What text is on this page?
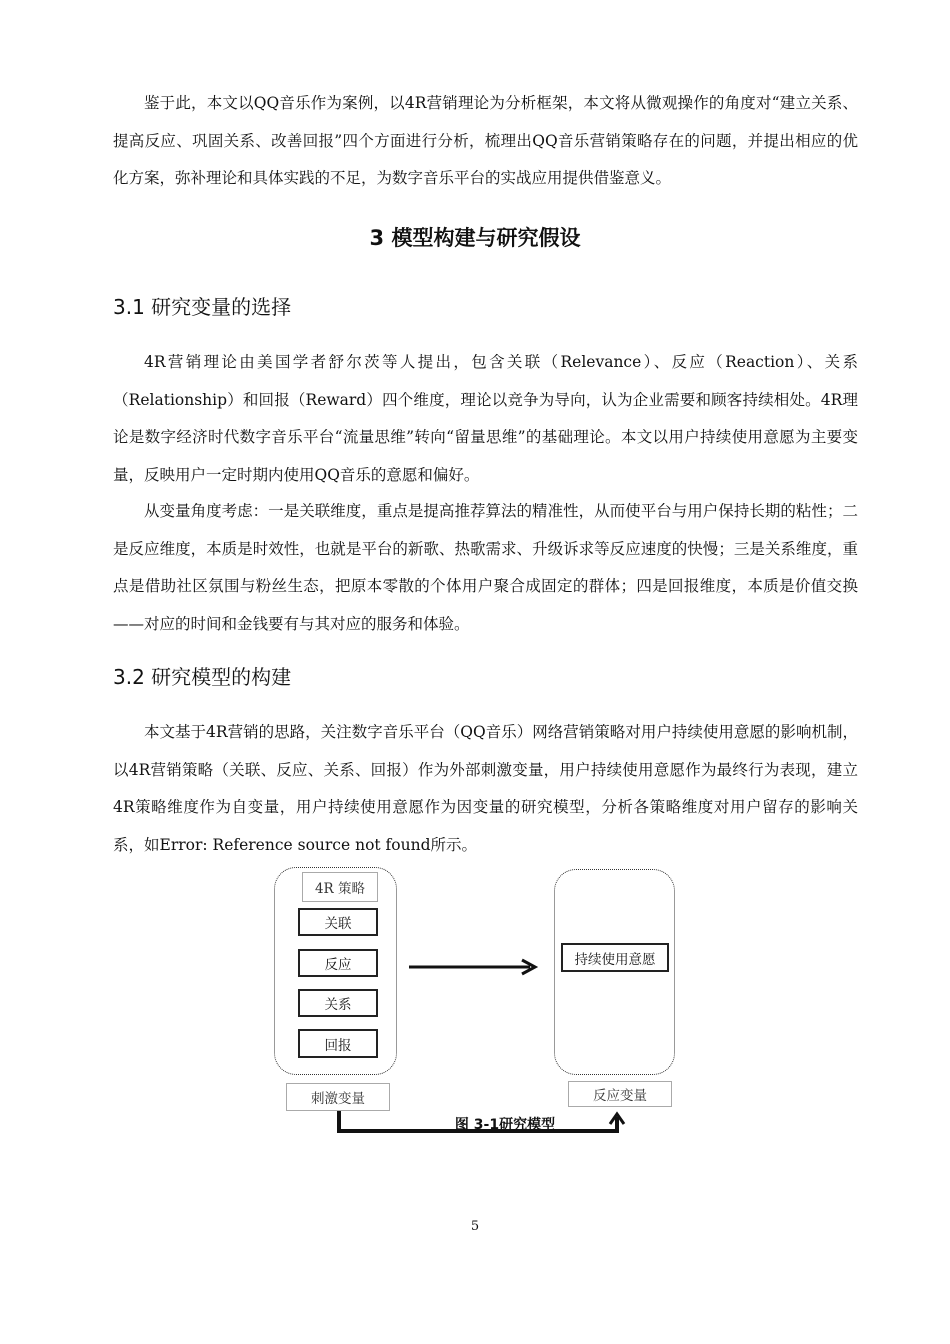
鉴于此，本文以QQ音乐作为案例，以4R营销理论为分析框架，本文将从微观操作的角度对“建立关系、提高反应、巩固关系、改善回报”四个方面进行分析，梳理出QQ音乐营销策略存在的问题，并提出相应的优化方案，弥补理论和具体实践的不足，为数字音乐平台的实战应用提供借鉴意义。

3 模型构建与研究假设
3.1 研究变量的选择

4R营销理论由美国学者舒尔茨等人提出，包含关联（Relevance）、反应（Reaction）、关系（Relationship）和回报（Reward）四个维度，理论以竞争为导向，认为企业需要和顾客持续相处。4R理论是数字经济时代数字音乐平台“流量思维”转向“留量思维”的基础理论。本文以用户持续使用意愿为主要变量，反映用户一定时期内使用QQ音乐的意愿和偏好。

从变量角度考虑：一是关联维度，重点是提高推荐算法的精准性，从而使平台与用户保持长期的粘性；二是反应维度，本质是时效性，也就是平台的新歌、热歌需求、升级诉求等反应速度的快慢；三是关系维度，重点是借助社区氛围与粉丝生态，把原本零散的个体用户聚合成固定的群体；四是回报维度，本质是价值交换——对应的时间和金钱要有与其对应的服务和体验。

3.2 研究模型的构建

本文基于4R营销的思路，关注数字音乐平台（QQ音乐）网络营销策略对用户持续使用意愿的影响机制，以4R营销策略（关联、反应、关系、回报）作为外部刺激变量，用户持续使用意愿作为最终行为表现，建立4R策略维度作为自变量，用户持续使用意愿作为因变量的研究模型，分析各策略维度对用户留存的影响关系，如Error: Reference source not found所示。

4R 策略
关联
反应
关系
回报
持续使用意愿
刺激变量	反应变量
图 3-1研究模型
5
